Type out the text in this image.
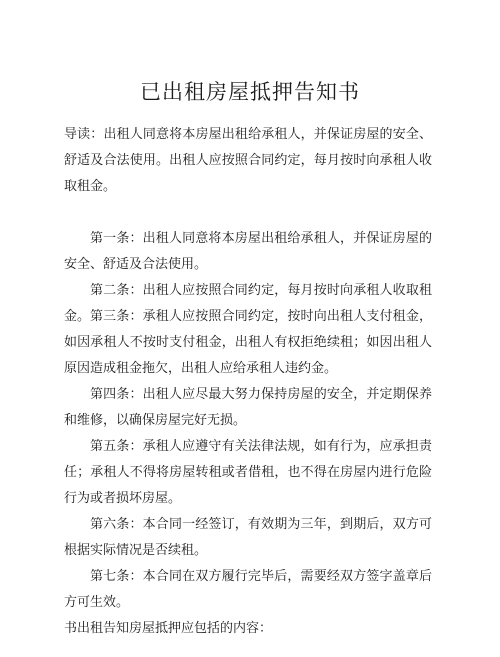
已出租房屋抵押告知书

导读：出租人同意将本房屋出租给承租人，并保证房屋的安全、舒适及合法使用。出租人应按照合同约定，每月按时向承租人收取租金。

第一条：出租人同意将本房屋出租给承租人，并保证房屋的安全、舒适及合法使用。

第二条：出租人应按照合同约定，每月按时向承租人收取租金。 第三条：承租人应按照合同约定，按时向出租人支付租金，如因承租人不按时支付租金，出租人有权拒绝续租；如因出租人原因造成租金拖欠，出租人应给承租人违约金。

第四条：出租人应尽最大努力保持房屋的安全，并定期保养和维修，以确保房屋完好无损。

第五条：承租人应遵守有关法律法规，如有行为，应承担责任；承租人不得将房屋转租或者借租，也不得在房屋内进行危险行为或者损坏房屋。

第六条：本合同一经签订，有效期为三年，到期后，双方可根据实际情况是否续租。

第七条：本合同在双方履行完毕后，需要经双方签字盖章后方可生效。

书出租告知房屋抵押应包括的内容：
